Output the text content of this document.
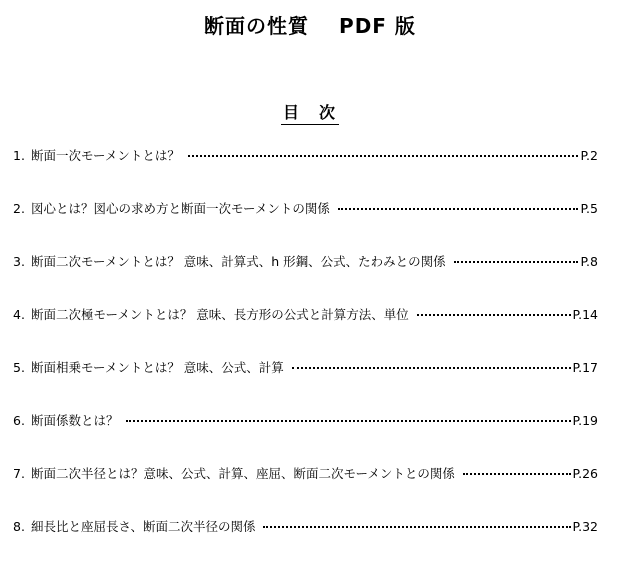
断面の性質 PDF 版
目　次
1. 断面一次モーメントとは？	P.2
2. 図心とは？図心の求め方と断面一次モーメントの関係	P.5
3. 断面二次モーメントとは？ 意味、計算式、h 形鋼、公式、たわみとの関係	P.8
4. 断面二次極モーメントとは？ 意味、長方形の公式と計算方法、単位	P.14
5. 断面相乗モーメントとは？ 意味、公式、計算	P.17
6. 断面係数とは？	P.19
7. 断面二次半径とは？意味、公式、計算、座屈、断面二次モーメントとの関係	P.26
8. 細長比と座屈長さ、断面二次半径の関係	P.32
